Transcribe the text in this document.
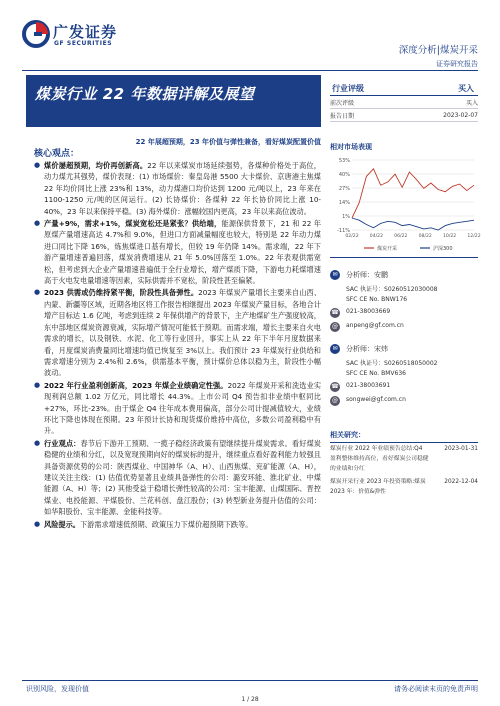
广发证券
GF SECURITIES
深度分析|煤炭开采
证券研究报告
煤炭行业 22 年数据详解及展望
22 年展超预期，23 年价值与弹性兼备，看好煤炭配置价值
行业评级	买入
前次评级	买入
报告日期	2023-02-07
相对市场表现
53%
40%
27%
14%
1%
-11%
02/22 04/22 06/22 08/22 10/22 12/22
煤炭开采	沪深300
✉	分析师：安鹏
SAC 执证号：S0260512030008
SFC CE No. BNW176
☎ 021-38003669
@	anpeng@gf.com.cn
✉	分析师：宋炜
SAC 执证号：S0260518050002
SFC CE No. BMV636
☎ 021-38003691
@	songwei@gf.com.cn
相关研究：
煤炭行业 2022 年业绩预告总结:Q4 盈利整体维持高位，看好煤炭公司稳健的业绩和分红
2023-01-31
煤炭开采行业 2023 年投资策略:煤炭 2023 年：价值&弹性
2022-12-04
核心观点：
● 煤价屡超预期，均价再创新高。22 年以来煤炭市场延续强势，各煤种价格处于高位，动力煤尤其强势，煤价表现：(1) 市场煤价：秦皇岛港 5500 大卡煤价、京唐港主焦煤 22 年均价同比上涨 23%和 13%，动力煤港口均价达到 1200 元/吨以上，23 年来在 1100-1250 元/吨的区间运行。(2) 长协煤价：各煤种 22 年长协价同比上涨 10-40%，23 年以来保持平稳。(3) 海外煤价：涨幅较国内更高，23 年以来高位波动。
● 产量+9%，需求+1%，煤炭宽松还是紧张？供给端，能源保供背景下，21 和 22 年原煤产量增速高达 4.7%和 9.0%，但进口方面减量幅度也较大，特别是 22 年动力煤进口同比下降 16%，炼焦煤进口基有增长，但较 19 年仍降 14%。需求端，22 年下游产量增速普遍回落，煤炭消费增速从 21 年 5.0%回落至 1.0%。22 年表观供需宽松，但考虑到大企业产量增速普遍低于全行业增长，增产煤质下降，下游电力耗煤增速高于火电发电量增速等因素，实际供需并不宽松，阶段性甚至偏紧。
● 2023 供需或仍维持紧平衡，阶段性具备弹性。2023 年煤炭产量增长主要来自山西、内蒙、新疆等区域，近期各地区将工作报告相继提出 2023 年煤炭产量目标，各地合计增产目标达 1.6 亿吨，考虑到连续 2 年保供增产的背景下，主产地煤矿生产强度较高，东中部地区煤炭资源衰减，实际增产情况可能低于预期。而需求端，增长主要来自火电需求的增长，以及钢铁、水泥、化工等行业回升，事实上从 22 年下半年月度数据来看，月度煤炭消费量同比增速均值已恢复至 3%以上。我们预计 23 年煤炭行业供给和需求增速分别为 2.4%和 2.6%，供需基本平衡，预计煤价总体以稳为主，阶段性小幅波动。
● 2022 年行业盈利创新高，2023 年煤企业绩确定性强。2022 年煤炭开采和洗选业实现利润总额 1.02 万亿元，同比增长 44.3%。上市公司 Q4 预告扣非业绩中枢同比+27%，环比-23%。由于煤企 Q4 往年成本费用偏高，部分公司计提减值较大，业绩环比下降也体现在预期。23 年预计长协和现货煤价维持中高位，多数公司盈利稳中有升。
● 行业观点：春节后下游开工预期、一揽子稳经济政策有望继续提升煤炭需求。看好煤炭稳健的业绩和分红，以及宽现预期向好的煤炭标的提升，继续重点看好盈利能力较强且具备资源优势的公司：陕西煤业、中国神华（A、H）、山西焦煤、兖矿能源（A、H），建议关注主线：(1) 估值优势显著且业绩具备弹性的公司：潞安环能、淮北矿业、中煤能源（A、H）等；(2) 其他受益于稳增长弹性较高的公司：宝丰能源、山煤国际、晋控煤业、电投能源、平煤股份、兰花科创、盘江股份；(3) 转型新业务提升估值的公司：如华阳股份、宝丰能源、金能科技等。
● 风险提示。下游需求增速低预期、政策压力下煤价超预期下跌等。
识别风险，发现价值	请务必阅读末页的免责声明
1 / 28
